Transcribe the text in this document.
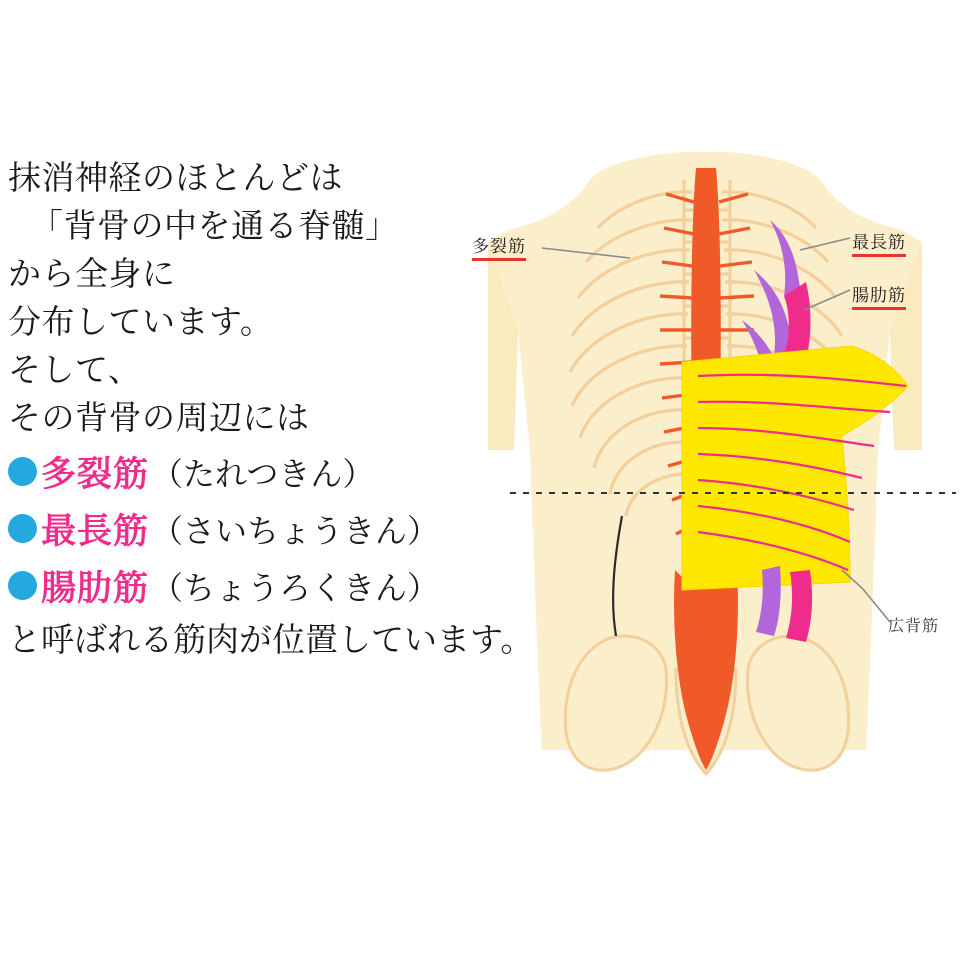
抹消神経のほとんどは
「背骨の中を通る脊髄」
から全身に
分布しています。
そして、
その背骨の周辺には
多裂筋 （たれつきん）
最長筋 （さいちょうきん）
腸肋筋 （ちょうろくきん）
と呼ばれる筋肉が位置しています。
多裂筋	最長筋
腸肋筋
広背筋
